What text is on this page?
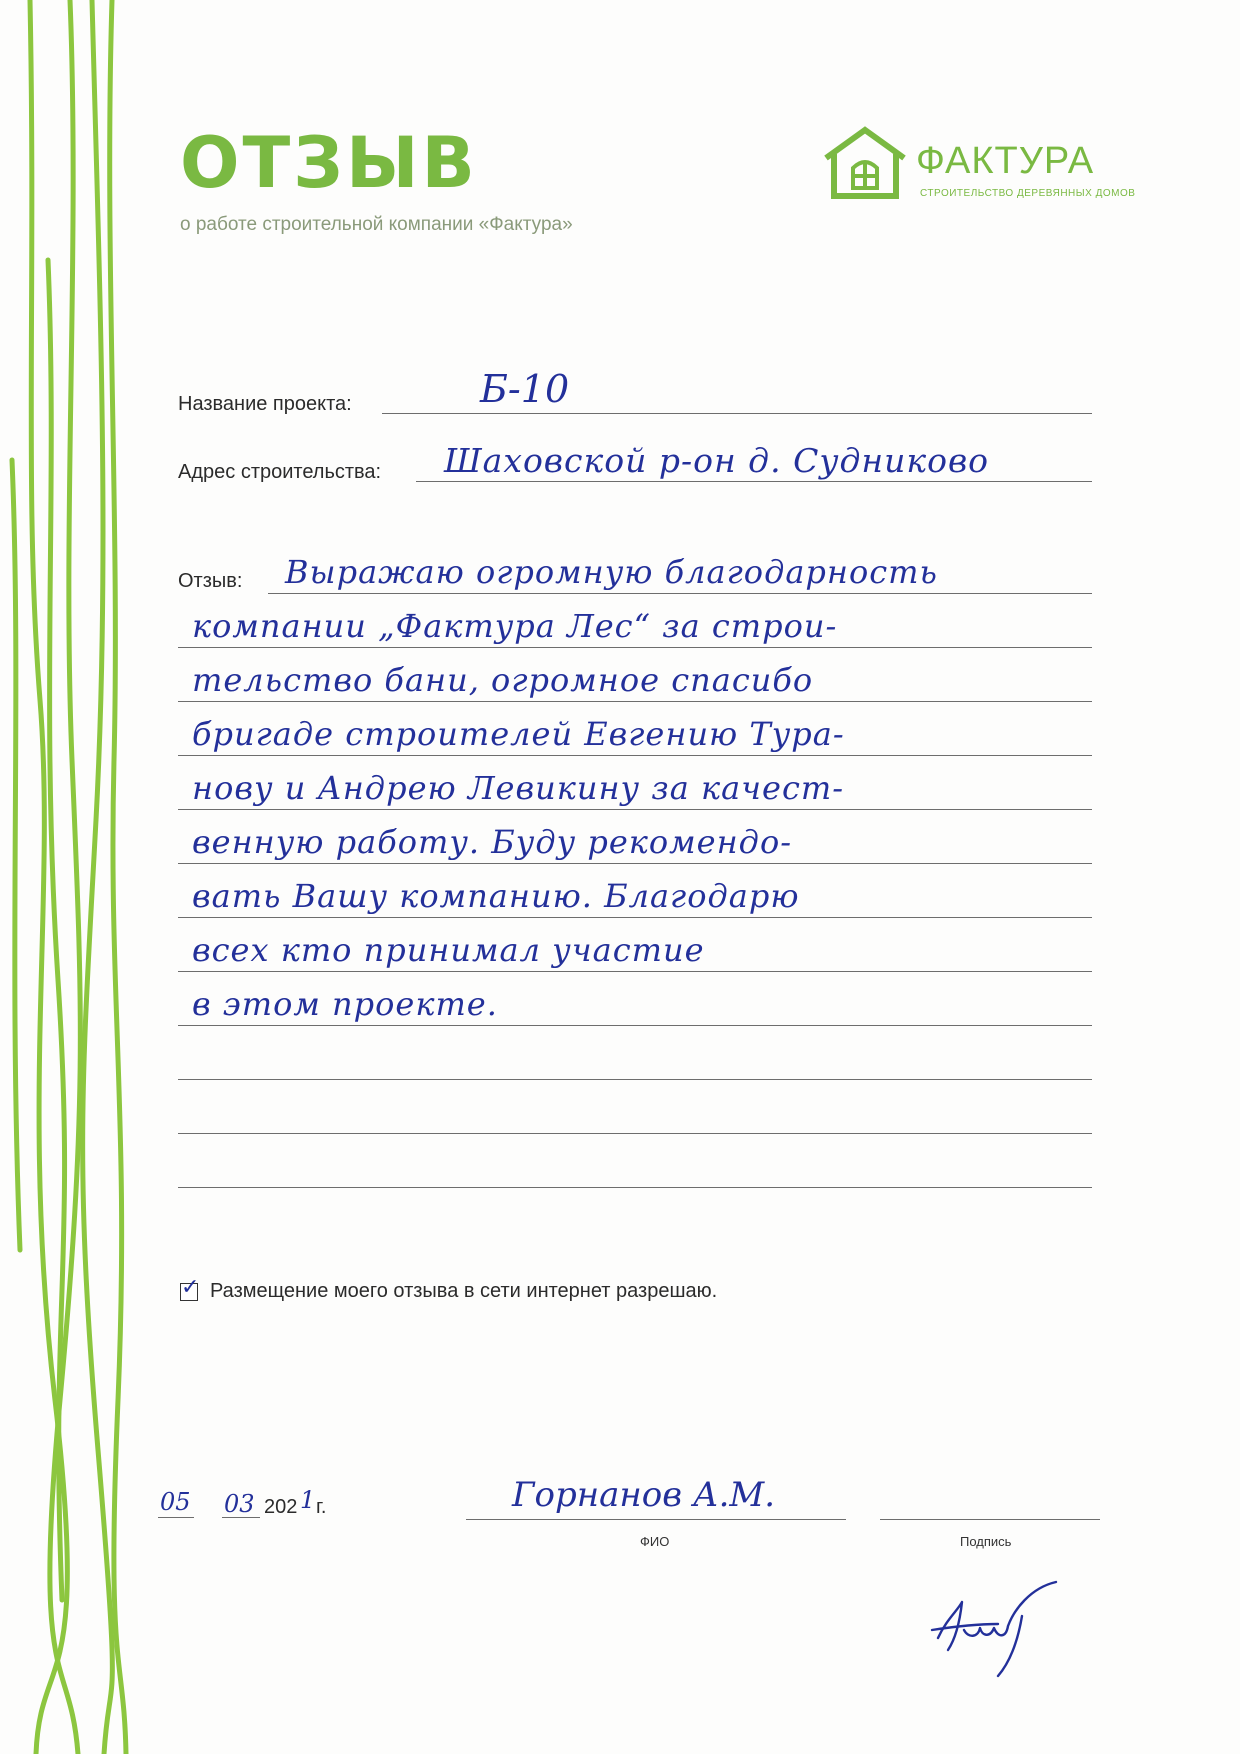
ОТЗЫВ
о работе строительной компании «Фактура»
ФАКТУРА
СТРОИТЕЛЬСТВО ДЕРЕВЯННЫХ ДОМОВ
Название проекта:	Б-10
Адрес строительства: Шаховской р-он д. Судниково
Отзыв: Выражаю огромную благодарность
компании „Фактура Лес“ за строи-
тельство бани, огромное спасибо
бригаде строителей Евгению Тура-
нову и Андрею Левикину за качест-
венную работу. Буду рекомендо-
вать Вашу компанию. Благодарю
всех кто принимал участие
в этом проекте.
✓ Размещение моего отзыва в сети интернет разрешаю.
05 03 202 1 г.	Горнанов А.М.
ФИО	Подпись
